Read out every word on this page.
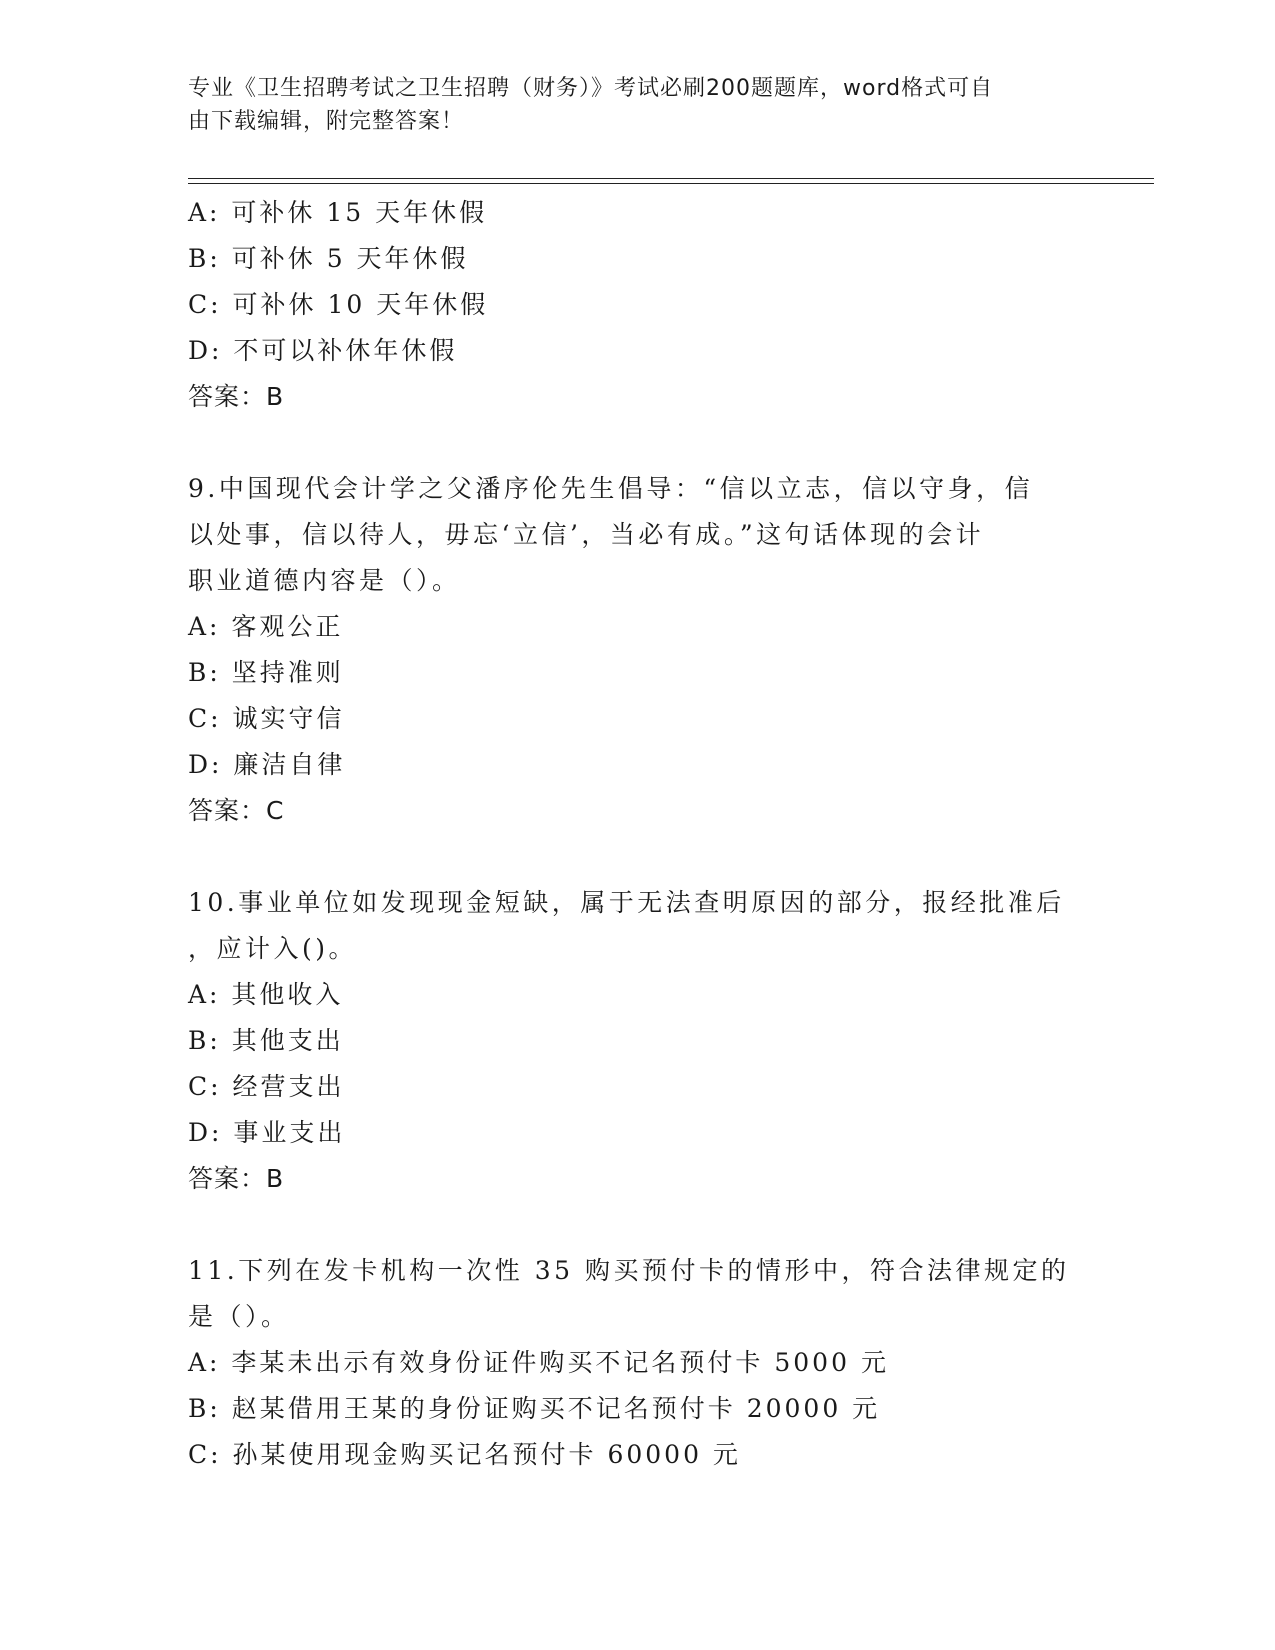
专业《卫生招聘考试之卫生招聘（财务）》考试必刷200题题库，word格式可自
由下载编辑，附完整答案！
A: 可补休 15 天年休假
B: 可补休 5 天年休假
C: 可补休 10 天年休假
D: 不可以补休年休假
答案：B
9.中国现代会计学之父潘序伦先生倡导：“信以立志，信以守身，信
以处事，信以待人，毋忘‘立信’，当必有成。”这句话体现的会计
职业道德内容是（）。
A: 客观公正
B: 坚持准则
C: 诚实守信
D: 廉洁自律
答案：C
10.事业单位如发现现金短缺，属于无法查明原因的部分，报经批准后
，应计入()。
A: 其他收入
B: 其他支出
C: 经营支出
D: 事业支出
答案：B
11.下列在发卡机构一次性 35 购买预付卡的情形中，符合法律规定的
是（）。
A: 李某未出示有效身份证件购买不记名预付卡 5000 元
B: 赵某借用王某的身份证购买不记名预付卡 20000 元
C: 孙某使用现金购买记名预付卡 60000 元
